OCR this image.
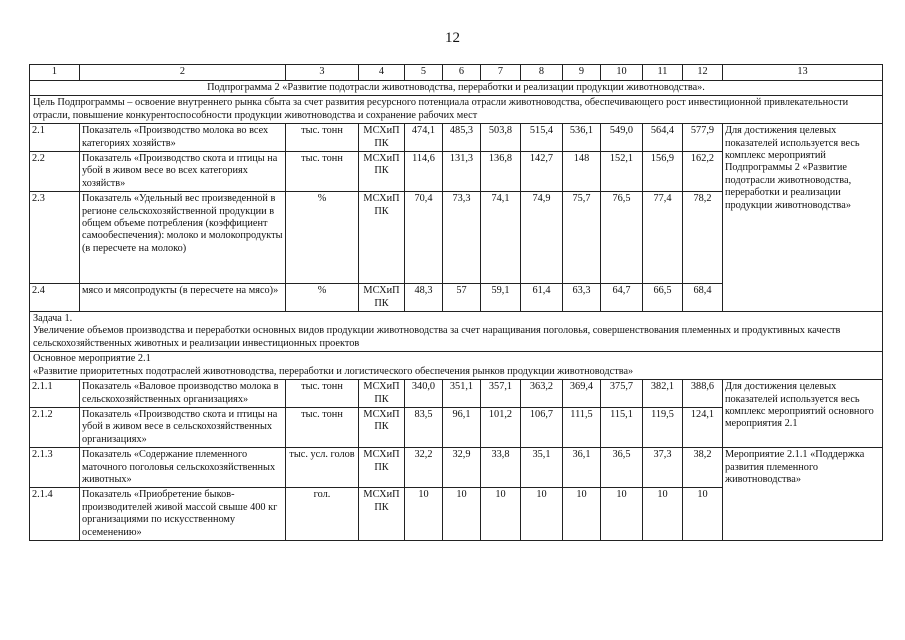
12
1	2	3	4	5	6	7	8	9	10	11	12	13
Подпрограмма 2 «Развитие подотрасли животноводства, переработки и реализации продукции животноводства».												
Цель Подпрограммы – освоение внутреннего рынка сбыта за счет развития ресурсного потенциала отрасли животноводства, обеспечивающего рост инвестиционной привлекательности отрасли, повышение конкурентоспособности продукции животноводства и сохранение рабочих мест												
2.1	Показатель «Производство молока во всех категориях хозяйств»	тыс. тонн	МСХиП ПК	474,1	485,3	503,8	515,4	536,1	549,0	564,4	577,9	Для достижения целевых показателей используется весь комплекс мероприятий Подпрограммы 2 «Развитие подотрасли животноводства, переработки и реализации продукции животноводства»
2.2	Показатель «Производство скота и птицы на убой в живом весе во всех категориях хозяйств»	тыс. тонн	МСХиП ПК	114,6	131,3	136,8	142,7	148	152,1	156,9	162,2	
2.3	Показатель «Удельный вес произведенной в регионе сельскохозяйственной продукции в общем объеме потребления (коэффициент самообеспечения): молоко и молокопродукты (в пересчете на молоко)	%	МСХиП ПК	70,4	73,3	74,1	74,9	75,7	76,5	77,4	78,2	
2.4	мясо и мясопродукты (в пересчете на мясо)»	%	МСХиП ПК	48,3	57	59,1	61,4	63,3	64,7	66,5	68,4	

Задача 1.
Увеличение объемов производства и переработки основных видов продукции животноводства за счет наращивания поголовья, совершенствования племенных и продуктивных качеств сельскохозяйственных животных и реализации инвестиционных проектов												

Основное мероприятие 2.1
«Развитие приоритетных подотраслей животноводства, переработки и логистического обеспечения рынков продукции животноводства»												

2.1.1	Показатель «Валовое производство молока в сельскохозяйственных организациях»	тыс. тонн	МСХиП ПК	340,0	351,1	357,1	363,2	369,4	375,7	382,1	388,6	Для достижения целевых показателей используется весь комплекс мероприятий основного мероприятия 2.1
2.1.2	Показатель «Производство скота и птицы на убой в живом весе в сельскохозяйственных организациях»	тыс. тонн	МСХиП ПК	83,5	96,1	101,2	106,7	111,5	115,1	119,5	124,1	
2.1.3	Показатель «Содержание племенного маточного поголовья сельскохозяйственных животных»	тыс. усл. голов	МСХиП ПК	32,2	32,9	33,8	35,1	36,1	36,5	37,3	38,2	Мероприятие 2.1.1 «Поддержка развития племенного животноводства»
2.1.4	Показатель «Приобретение быков-производителей живой массой свыше 400 кг организациями по искусственному осеменению»	гол.	МСХиП ПК	10	10	10	10	10	10	10	10	
